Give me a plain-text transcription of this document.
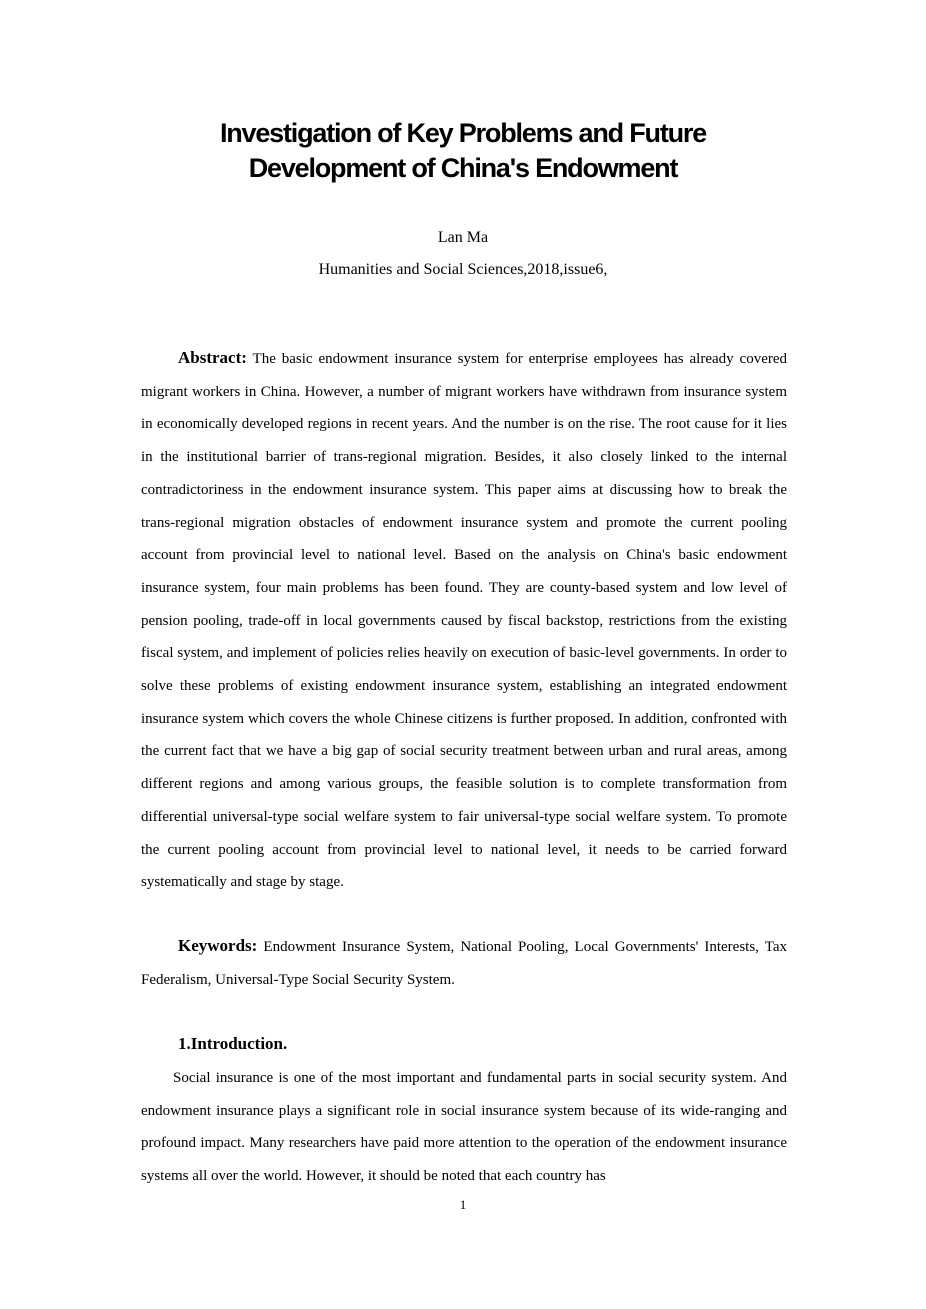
Investigation of Key Problems and Future
Development of China's Endowment
Lan Ma
Humanities and Social Sciences,2018,issue6,

Abstract: The basic endowment insurance system for enterprise employees has already covered migrant workers in China. However, a number of migrant workers have withdrawn from insurance system in economically developed regions in recent years. And the number is on the rise. The root cause for it lies in the institutional barrier of trans-regional migration. Besides, it also closely linked to the internal contradictoriness in the endowment insurance system. This paper aims at discussing how to break the trans-regional migration obstacles of endowment insurance system and promote the current pooling account from provincial level to national level. Based on the analysis on China's basic endowment insurance system, four main problems has been found. They are county-based system and low level of pension pooling, trade-off in local governments caused by fiscal backstop, restrictions from the existing fiscal system, and implement of policies relies heavily on execution of basic-level governments. In order to solve these problems of existing endowment insurance system, establishing an integrated endowment insurance system which covers the whole Chinese citizens is further proposed. In addition, confronted with the current fact that we have a big gap of social security treatment between urban and rural areas, among different regions and among various groups, the feasible solution is to complete transformation from differential universal-type social welfare system to fair universal-type social welfare system. To promote the current pooling account from provincial level to national level, it needs to be carried forward systematically and stage by stage.

Keywords: Endowment Insurance System, National Pooling, Local Governments' Interests, Tax Federalism, Universal-Type Social Security System.

1.Introduction.

Social insurance is one of the most important and fundamental parts in social security system. And endowment insurance plays a significant role in social insurance system because of its wide-ranging and profound impact. Many researchers have paid more attention to the operation of the endowment insurance systems all over the world. However, it should be noted that each country has

1
